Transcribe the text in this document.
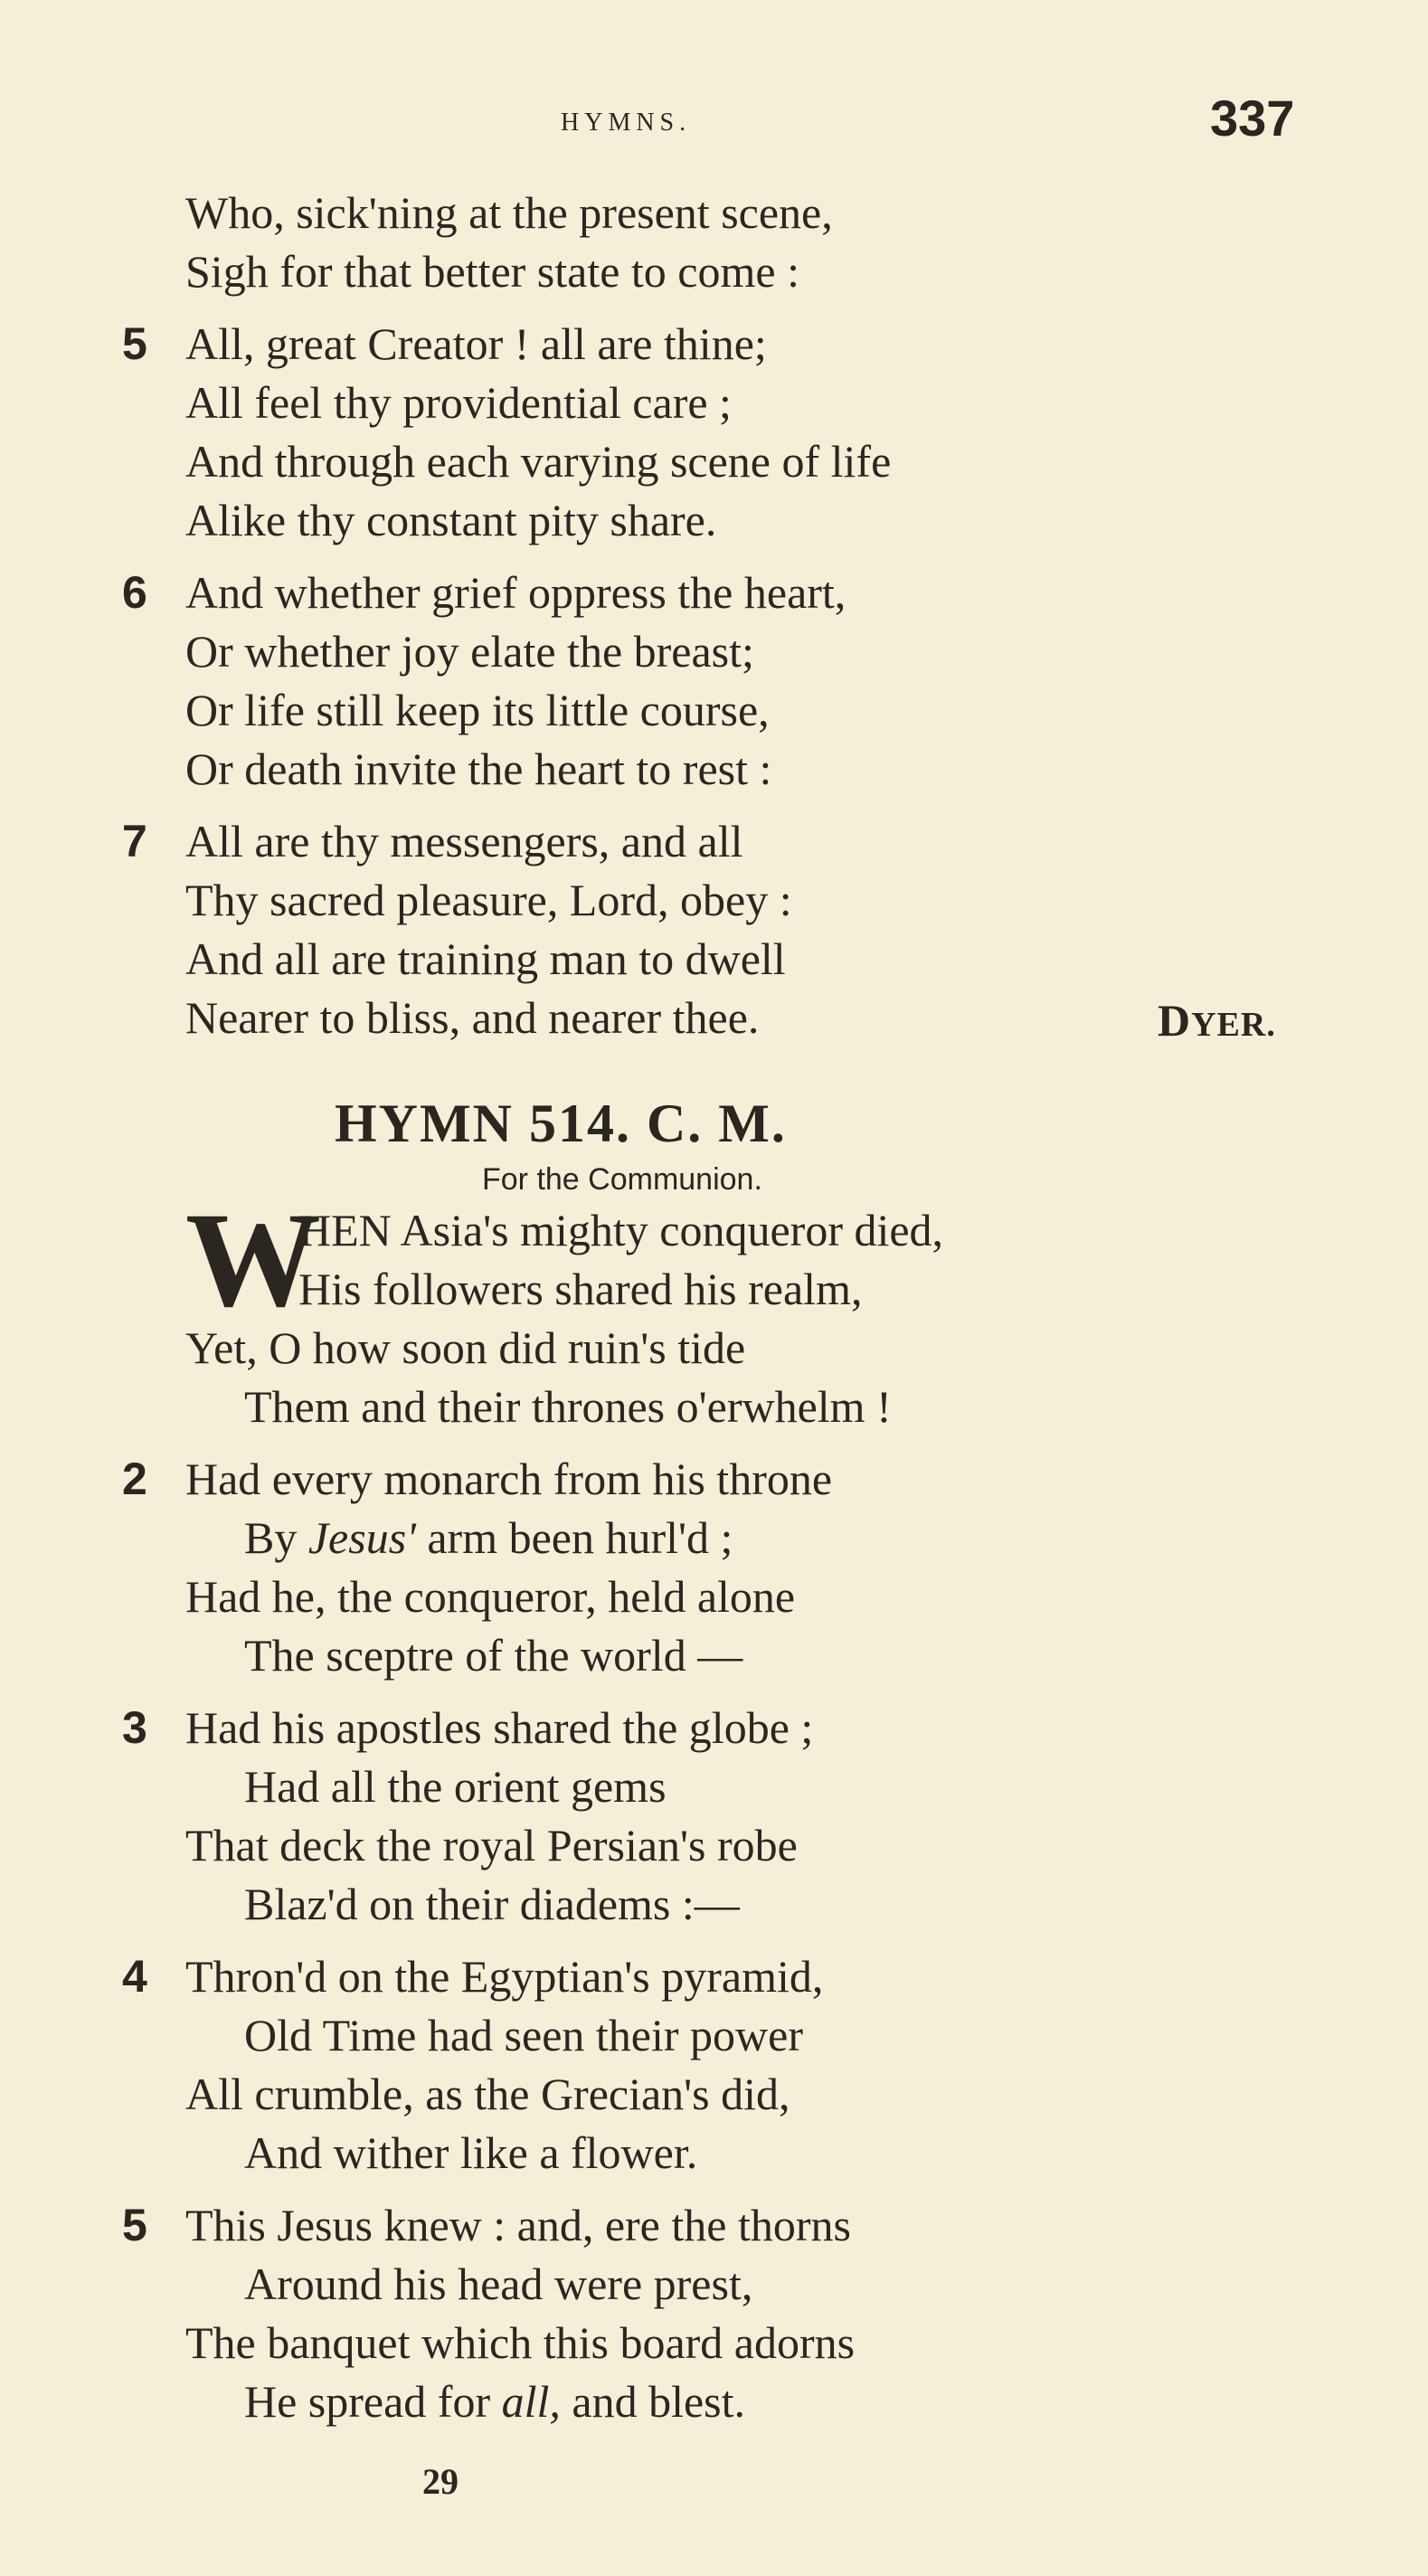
HYMNS.	337
Who, sick'ning at the present scene,
Sigh for that better state to come :
5 All, great Creator ! all are thine;
All feel thy providential care ;
And through each varying scene of life
Alike thy constant pity share.
6 And whether grief oppress the heart,
Or whether joy elate the breast;
Or life still keep its little course,
Or death invite the heart to rest :
7 All are thy messengers, and all
Thy sacred pleasure, Lord, obey :
And all are training man to dwell
Nearer to bliss, and nearer thee.	DYER.
HYMN 514. C. M.
For the Communion.
W
HEN Asia's mighty conqueror died,
His followers shared his realm,
Yet, O how soon did ruin's tide
Them and their thrones o'erwhelm !
2 Had every monarch from his throne
By Jesus' arm been hurl'd ;
Had he, the conqueror, held alone
The sceptre of the world —
3 Had his apostles shared the globe ;
Had all the orient gems
That deck the royal Persian's robe
Blaz'd on their diadems :—
4 Thron'd on the Egyptian's pyramid,
Old Time had seen their power
All crumble, as the Grecian's did,
And wither like a flower.
5 This Jesus knew : and, ere the thorns
Around his head were prest,
The banquet which this board adorns
He spread for all, and blest.
29
